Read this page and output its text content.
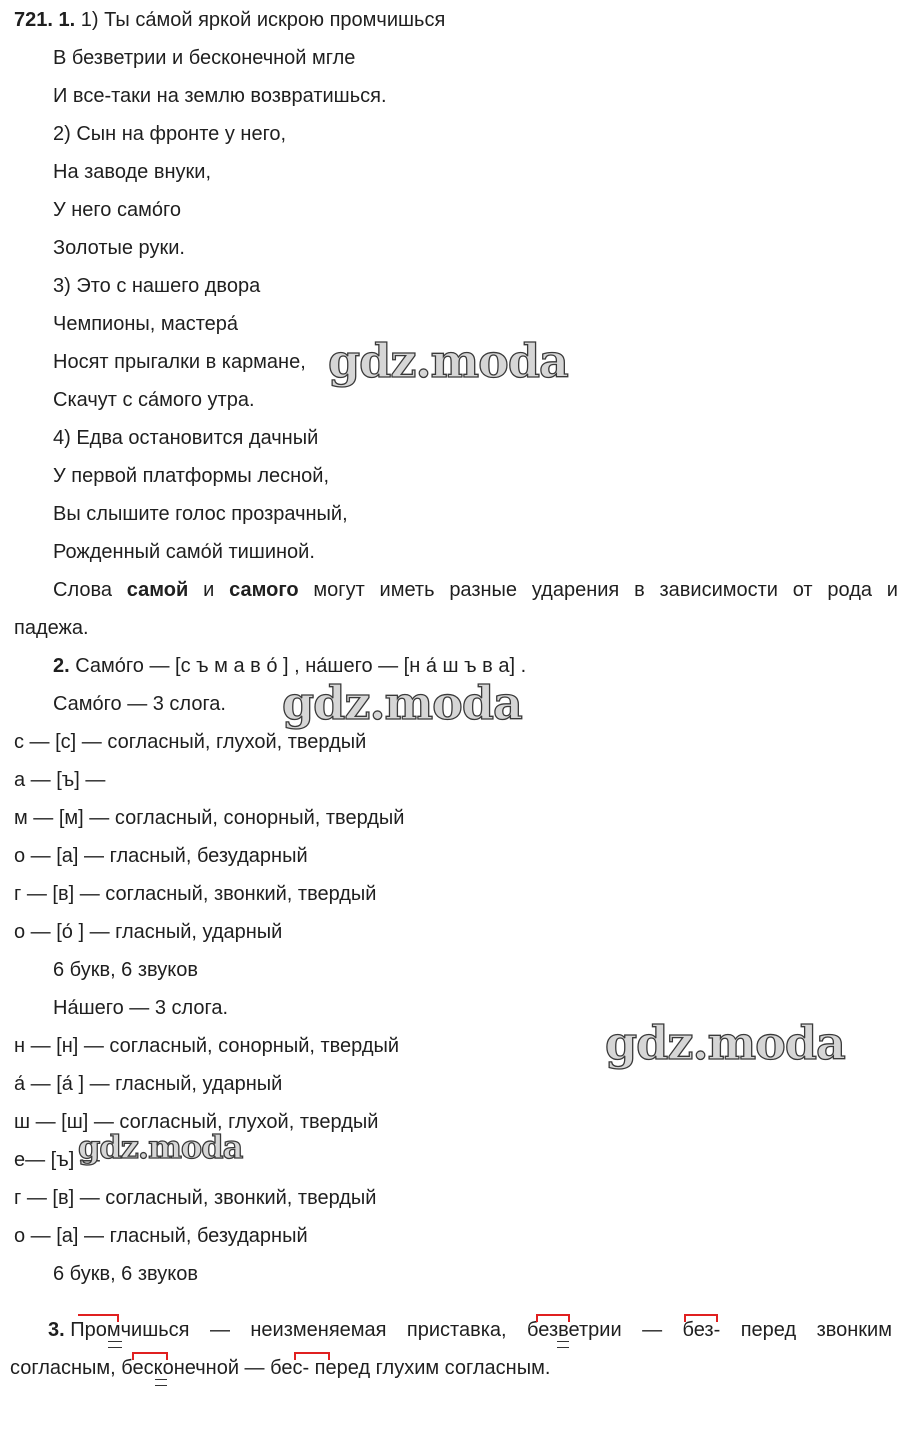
721. 1. 1) Ты са́мой яркой искрою промчишься
В безветрии и бесконечной мгле
И все-таки на землю возвратишься.
2) Сын на фронте у него,
На заводе внуки,
У него само́го
Золотые руки.
3) Это с нашего двора
Чемпионы, мастера́
Носят прыгалки в кармане,
Скачут с са́мого утра.
4) Едва остановится дачный
У первой платформы лесной,
Вы слышите голос прозрачный,
Рожденный само́й тишиной.
Слова самой и самого могут иметь разные ударения в зависимости от рода и
падежа.
2. Само́го — [с ъ м а в о́ ] , на́шего — [н а́ ш ъ в а] .
Само́го — 3 слога.
с — [с] — согласный, глухой, твердый
а — [ъ] —
м — [м] — согласный, сонорный, твердый
о — [а] — гласный, безударный
г — [в] — согласный, звонкий, твердый
о — [о́ ] — гласный, ударный
6 букв, 6 звуков
На́шего — 3 слога.
н — [н] — согласный, сонорный, твердый
а́ — [а́ ] — гласный, ударный
ш — [ш] — согласный, глухой, твердый
е— [ъ] —
г — [в] — согласный, звонкий, твердый
о — [а] — гласный, безударный
6 букв, 6 звуков
3. Промчишься — неизменяемая приставка, безветрии — без- перед звонким
согласным, бесконечной — бес- перед глухим согласным.
gdz.moda
gdz.moda
gdz.moda
gdz.moda
